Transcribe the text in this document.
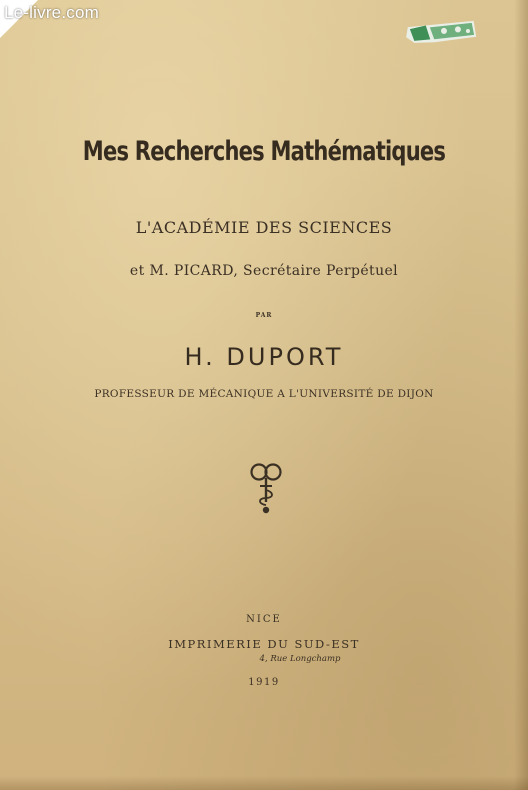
Le-livre.com
Mes Recherches Mathématiques
L'ACADÉMIE DES SCIENCES
et M. PICARD, Secrétaire Perpétuel
PAR
H. DUPORT
PROFESSEUR DE MÉCANIQUE A L'UNIVERSITÉ DE DIJON
NICE
IMPRIMERIE DU SUD-EST
4, Rue Longchamp
1919
